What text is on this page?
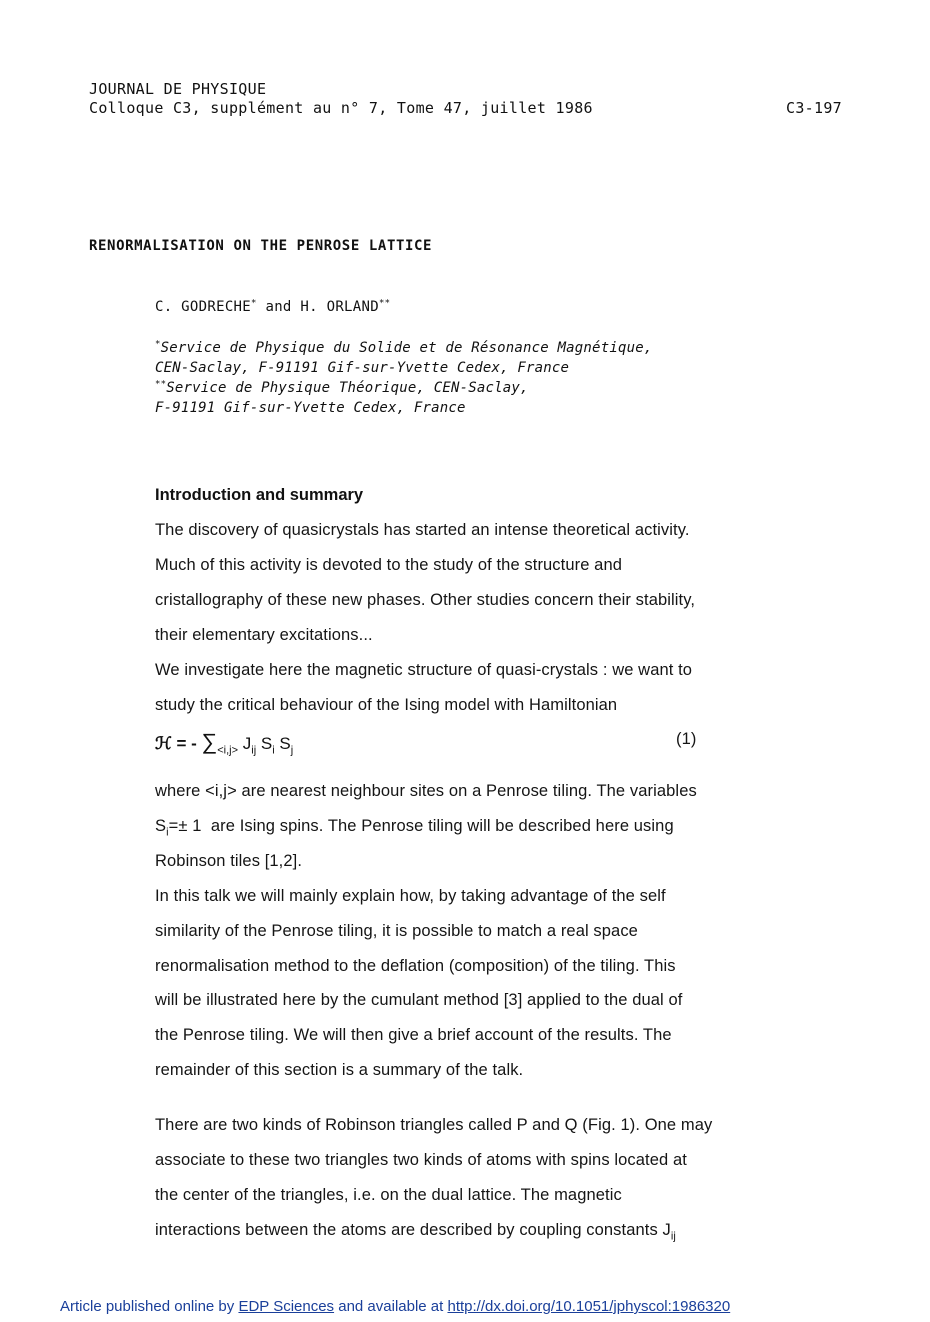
JOURNAL DE PHYSIQUE
Colloque C3, supplément au n° 7, Tome 47, juillet 1986	C3-197
RENORMALISATION ON THE PENROSE LATTICE
C. GODRECHE* and H. ORLAND**
*Service de Physique du Solide et de Résonance Magnétique,
CEN-Saclay, F-91191 Gif-sur-Yvette Cedex, France
**Service de Physique Théorique, CEN-Saclay,
F-91191 Gif-sur-Yvette Cedex, France
Introduction and summary
The discovery of quasicrystals has started an intense theoretical activity.
Much of this activity is devoted to the study of the structure and
cristallography of these new phases. Other studies concern their stability,
their elementary excitations...
We investigate here the magnetic structure of quasi-crystals : we want to
study the critical behaviour of the Ising model with Hamiltonian
ℋ = - $\sum_{<i,j>}$ $J_{ij}$ $S_i$ $S_j$
(1)
where <i,j> are nearest neighbour sites on a Penrose tiling. The variables
$S_i=\pm 1$  are Ising spins. The Penrose tiling will be described here using
Robinson tiles [1,2].
In this talk we will mainly explain how, by taking advantage of the self
similarity of the Penrose tiling, it is possible to match a real space
renormalisation method to the deflation (composition) of the tiling. This
will be illustrated here by the cumulant method [3] applied to the dual of
the Penrose tiling. We will then give a brief account of the results. The
remainder of this section is a summary of the talk.
There are two kinds of Robinson triangles called P and Q (Fig. 1). One may
associate to these two triangles two kinds of atoms with spins located at
the center of the triangles, i.e. on the dual lattice. The magnetic
interactions between the atoms are described by coupling constants $J_{ij}$
Article published online by EDP Sciences and available at http://dx.doi.org/10.1051/jphyscol:1986320
